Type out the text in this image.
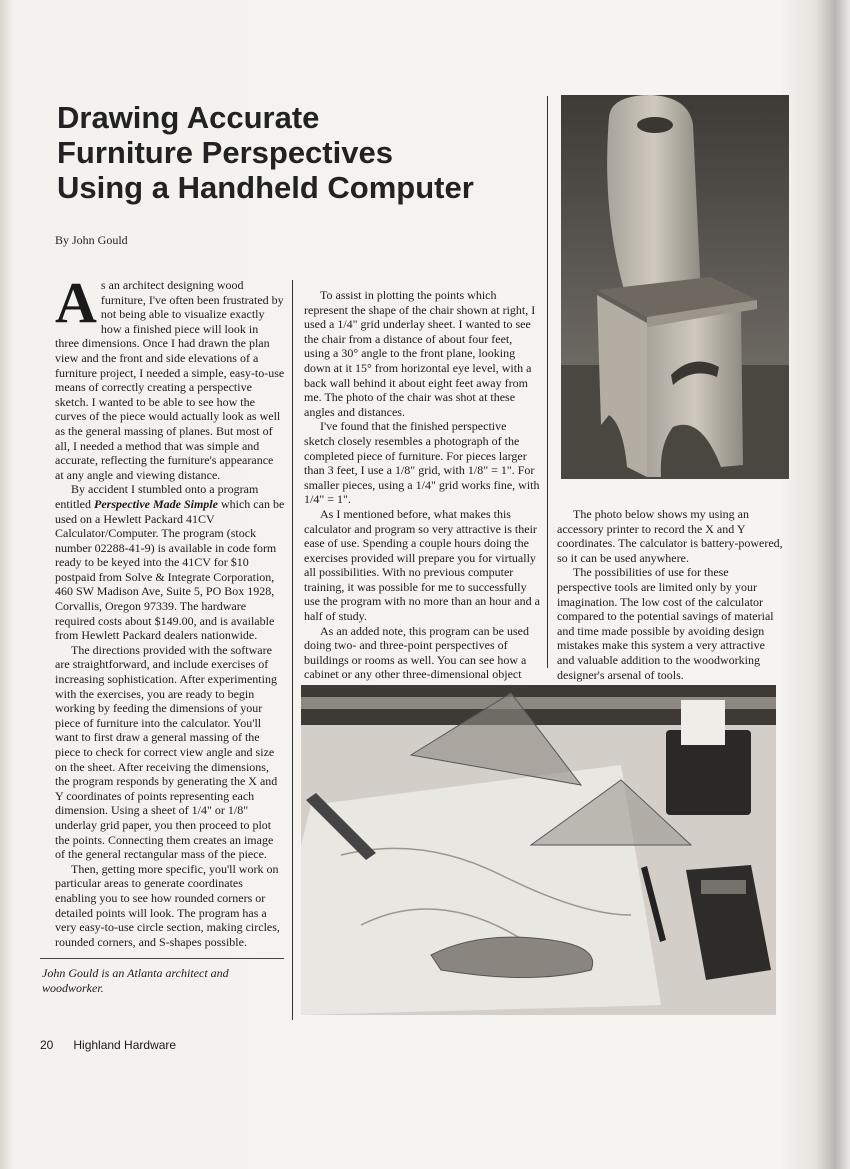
Drawing Accurate
Furniture Perspectives
Using a Handheld Computer
By John Gould

As an architect designing wood furniture, I've often been frustrated by not being able to visualize exactly how a finished piece will look in three dimensions. Once I had drawn the plan view and the front and side elevations of a furniture project, I needed a simple, easy-to-use means of correctly creating a perspective sketch. I wanted to be able to see how the curves of the piece would actually look as well as the general massing of planes. But most of all, I needed a method that was simple and accurate, reflecting the furniture's appearance at any angle and viewing distance.

By accident I stumbled onto a program entitled Perspective Made Simple which can be used on a Hewlett Packard 41CV Calculator/Computer. The program (stock number 02288-41-9) is available in code form ready to be keyed into the 41CV for $10 postpaid from Solve & Integrate Corporation, 460 SW Madison Ave, Suite 5, PO Box 1928, Corvallis, Oregon 97339. The hardware required costs about $149.00, and is available from Hewlett Packard dealers nationwide.

The directions provided with the software are straightforward, and include exercises of increasing sophistication. After experimenting with the exercises, you are ready to begin working by feeding the dimensions of your piece of furniture into the calculator. You'll want to first draw a general massing of the piece to check for correct view angle and size on the sheet. After receiving the dimensions, the program responds by generating the X and Y coordinates of points representing each dimension. Using a sheet of 1/4" or 1/8" underlay grid paper, you then proceed to plot the points. Connecting them creates an image of the general rectangular mass of the piece.

Then, getting more specific, you'll work on particular areas to generate coordinates enabling you to see how rounded corners or detailed points will look. The program has a very easy-to-use circle section, making circles, rounded corners, and S-shapes possible.

John Gould is an Atlanta architect and woodworker.

To assist in plotting the points which represent the shape of the chair shown at right, I used a 1/4" grid underlay sheet. I wanted to see the chair from a distance of about four feet, using a 30° angle to the front plane, looking down at it 15° from horizontal eye level, with a back wall behind it about eight feet away from me. The photo of the chair was shot at these angles and distances.

I've found that the finished perspective sketch closely resembles a photograph of the completed piece of furniture. For pieces larger than 3 feet, I use a 1/8" grid, with 1/8" = 1". For smaller pieces, using a 1/4" grid works fine, with 1/4" = 1".

As I mentioned before, what makes this calculator and program so very attractive is their ease of use. Spending a couple hours doing the exercises provided will prepare you for virtually all possibilities. With no previous computer training, it was possible for me to successfully use the program with no more than an hour and a half of study.

As an added note, this program can be used doing two- and three-point perspectives of buildings or rooms as well. You can see how a cabinet or any other three-dimensional object

The photo below shows my using an accessory printer to record the X and Y coordinates. The calculator is battery-powered, so it can be used anywhere.

The possibilities of use for these perspective tools are limited only by your imagination. The low cost of the calculator compared to the potential savings of material and time made possible by avoiding design mistakes make this system a very attractive and valuable addition to the woodworking designer's arsenal of tools.

20 Highland Hardware
